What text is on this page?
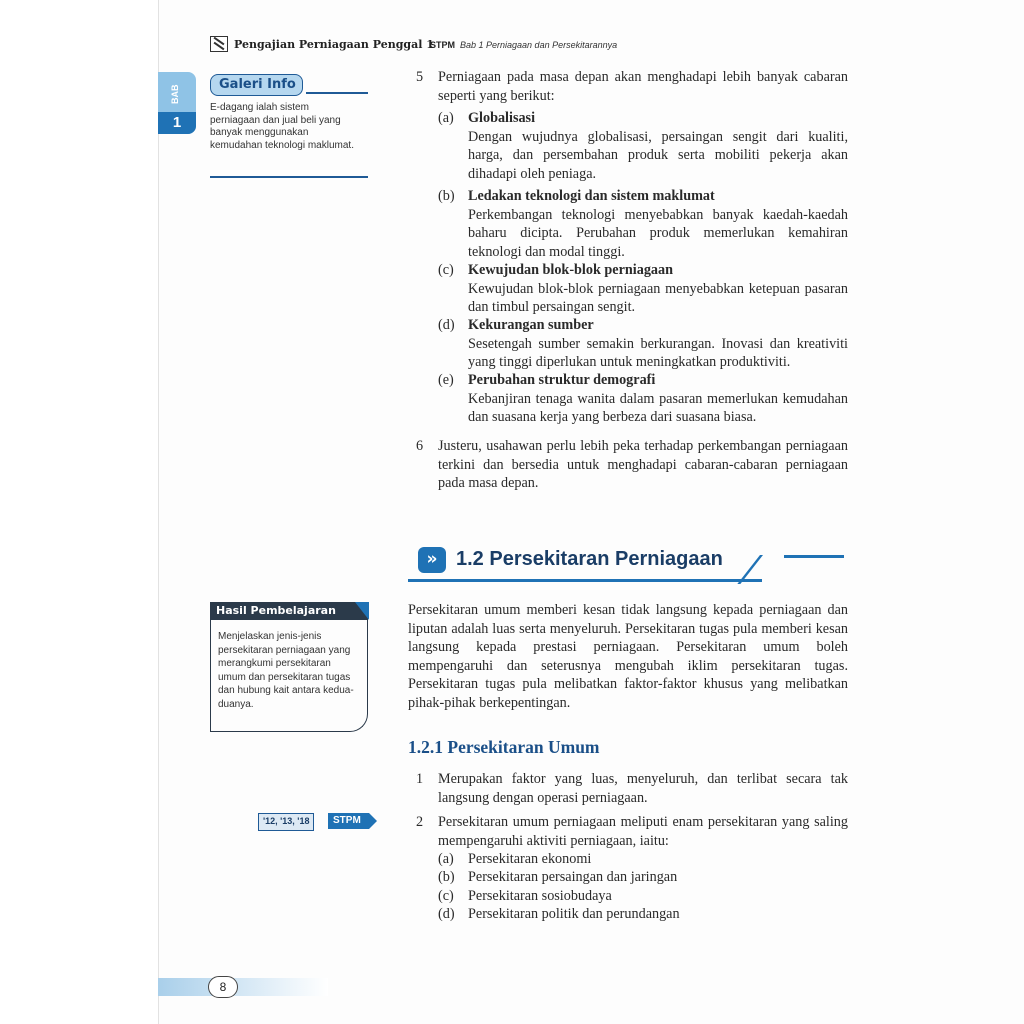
Pengajian Perniagaan Penggal 1
STPM Bab 1 Perniagaan dan Persekitarannya
BAB
1
Galeri Info
E-dagang ialah sistem perniagaan dan jual beli yang banyak menggunakan kemudahan teknologi maklumat.
5 Perniagaan pada masa depan akan menghadapi lebih banyak cabaran seperti yang berikut:
(a) Globalisasi
Dengan wujudnya globalisasi, persaingan sengit dari kualiti, harga, dan persembahan produk serta mobiliti pekerja akan dihadapi oleh peniaga.
(b) Ledakan teknologi dan sistem maklumat
Perkembangan teknologi menyebabkan banyak kaedah-kaedah baharu dicipta. Perubahan produk memerlukan kemahiran teknologi dan modal tinggi.
(c) Kewujudan blok-blok perniagaan
Kewujudan blok-blok perniagaan menyebabkan ketepuan pasaran dan timbul persaingan sengit.
(d) Kekurangan sumber
Sesetengah sumber semakin berkurangan. Inovasi dan kreativiti yang tinggi diperlukan untuk meningkatkan produktiviti.
(e) Perubahan struktur demografi
Kebanjiran tenaga wanita dalam pasaran memerlukan kemudahan dan suasana kerja yang berbeza dari suasana biasa.
6 Justeru, usahawan perlu lebih peka terhadap perkembangan perniagaan terkini dan bersedia untuk menghadapi cabaran-cabaran perniagaan pada masa depan.
» 1.2 Persekitaran Perniagaan
Hasil Pembelajaran
Menjelaskan jenis-jenis persekitaran perniagaan yang merangkumi persekitaran umum dan persekitaran tugas dan hubung kait antara kedua-duanya.
Persekitaran umum memberi kesan tidak langsung kepada perniagaan dan liputan adalah luas serta menyeluruh. Persekitaran tugas pula memberi kesan langsung kepada prestasi perniagaan. Persekitaran umum boleh mempengaruhi dan seterusnya mengubah iklim persekitaran tugas. Persekitaran tugas pula melibatkan faktor-faktor khusus yang melibatkan pihak-pihak berkepentingan.
1.2.1 Persekitaran Umum
'12, '13, '18	STPM
1 Merupakan faktor yang luas, menyeluruh, dan terlibat secara tak langsung dengan operasi perniagaan.
2 Persekitaran umum perniagaan meliputi enam persekitaran yang saling mempengaruhi aktiviti perniagaan, iaitu:
(a) Persekitaran ekonomi
(b) Persekitaran persaingan dan jaringan
(c) Persekitaran sosiobudaya
(d) Persekitaran politik dan perundangan
8
